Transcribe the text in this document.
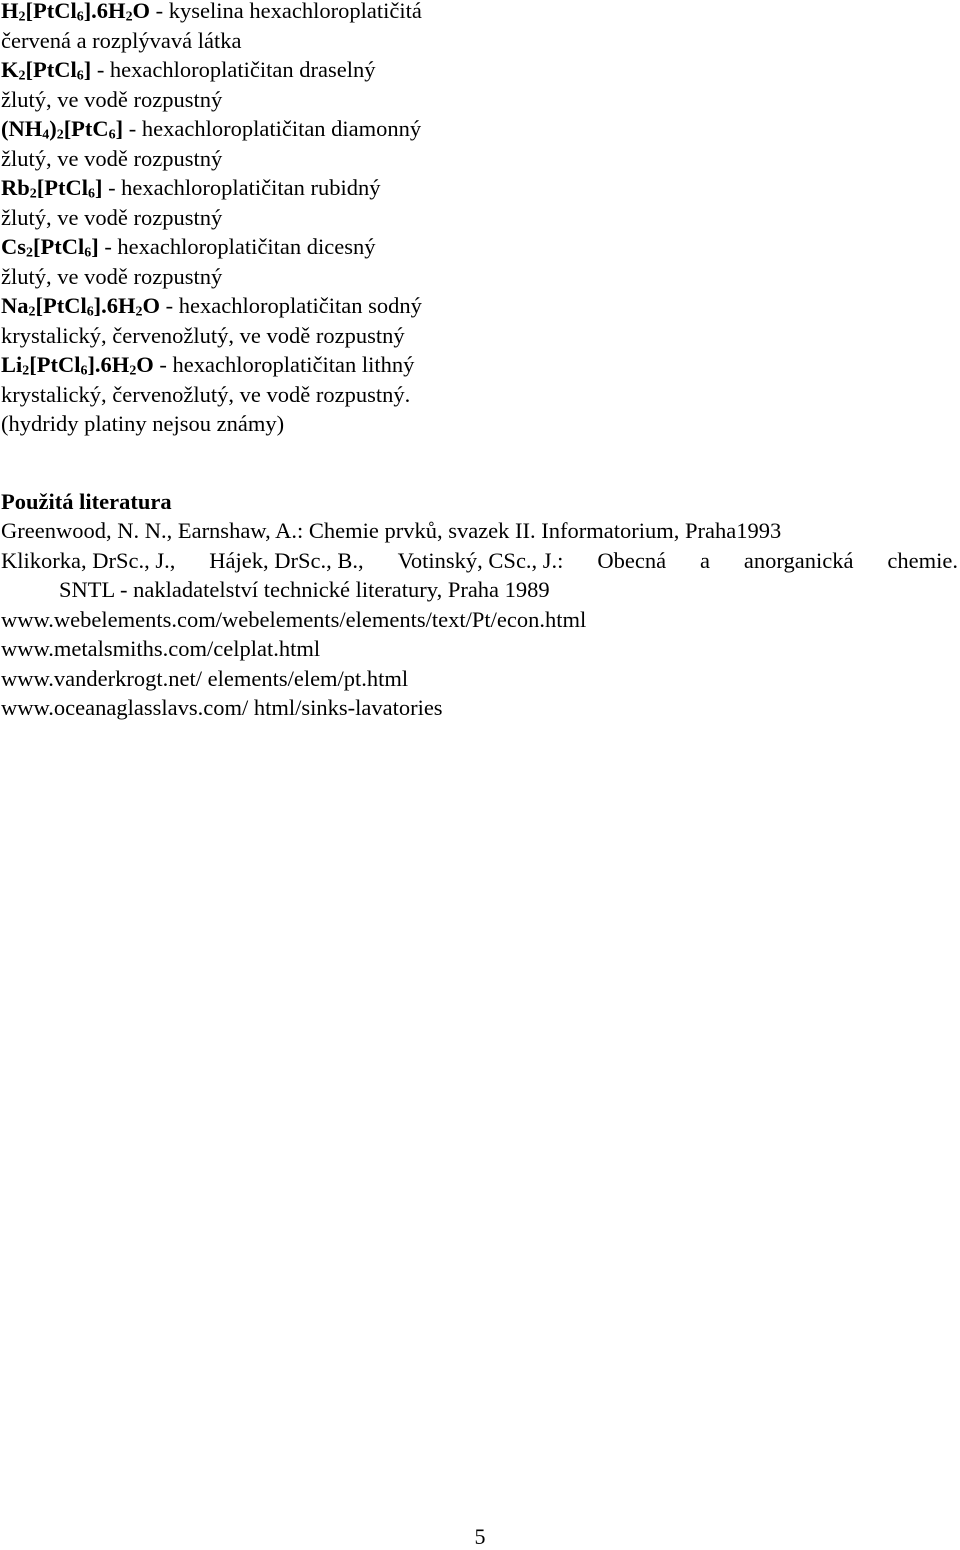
$H_2[PtCl_6].6H_2O$ - kyselina hexachloroplatičitá
červená a rozplývavá látka
$K_2[PtCl_6]$ - hexachloroplatičitan draselný
žlutý, ve vodě rozpustný
$(NH_4)_2[PtC_6]$ - hexachloroplatičitan diamonný
žlutý, ve vodě rozpustný
$Rb_2[PtCl_6]$ - hexachloroplatičitan rubidný
žlutý, ve vodě rozpustný
$Cs_2[PtCl_6]$ - hexachloroplatičitan dicesný
žlutý, ve vodě rozpustný
$Na_2[PtCl_6].6H_2O$ - hexachloroplatičitan sodný
krystalický, červenožlutý, ve vodě rozpustný
$Li_2[PtCl_6].6H_2O$ - hexachloroplatičitan lithný
krystalický, červenožlutý, ve vodě rozpustný.
(hydridy platiny nejsou známy)
Použitá literatura
Greenwood, N. N., Earnshaw, A.: Chemie prvků, svazek II. Informatorium, Praha1993
Klikorka, DrSc., J., Hájek, DrSc., B., Votinský, CSc., J.: Obecná a anorganická chemie.
SNTL - nakladatelství technické literatury, Praha 1989
www.webelements.com/webelements/elements/text/Pt/econ.html
www.metalsmiths.com/celplat.html
www.vanderkrogt.net/ elements/elem/pt.html
www.oceanaglasslavs.com/ html/sinks-lavatories
5
